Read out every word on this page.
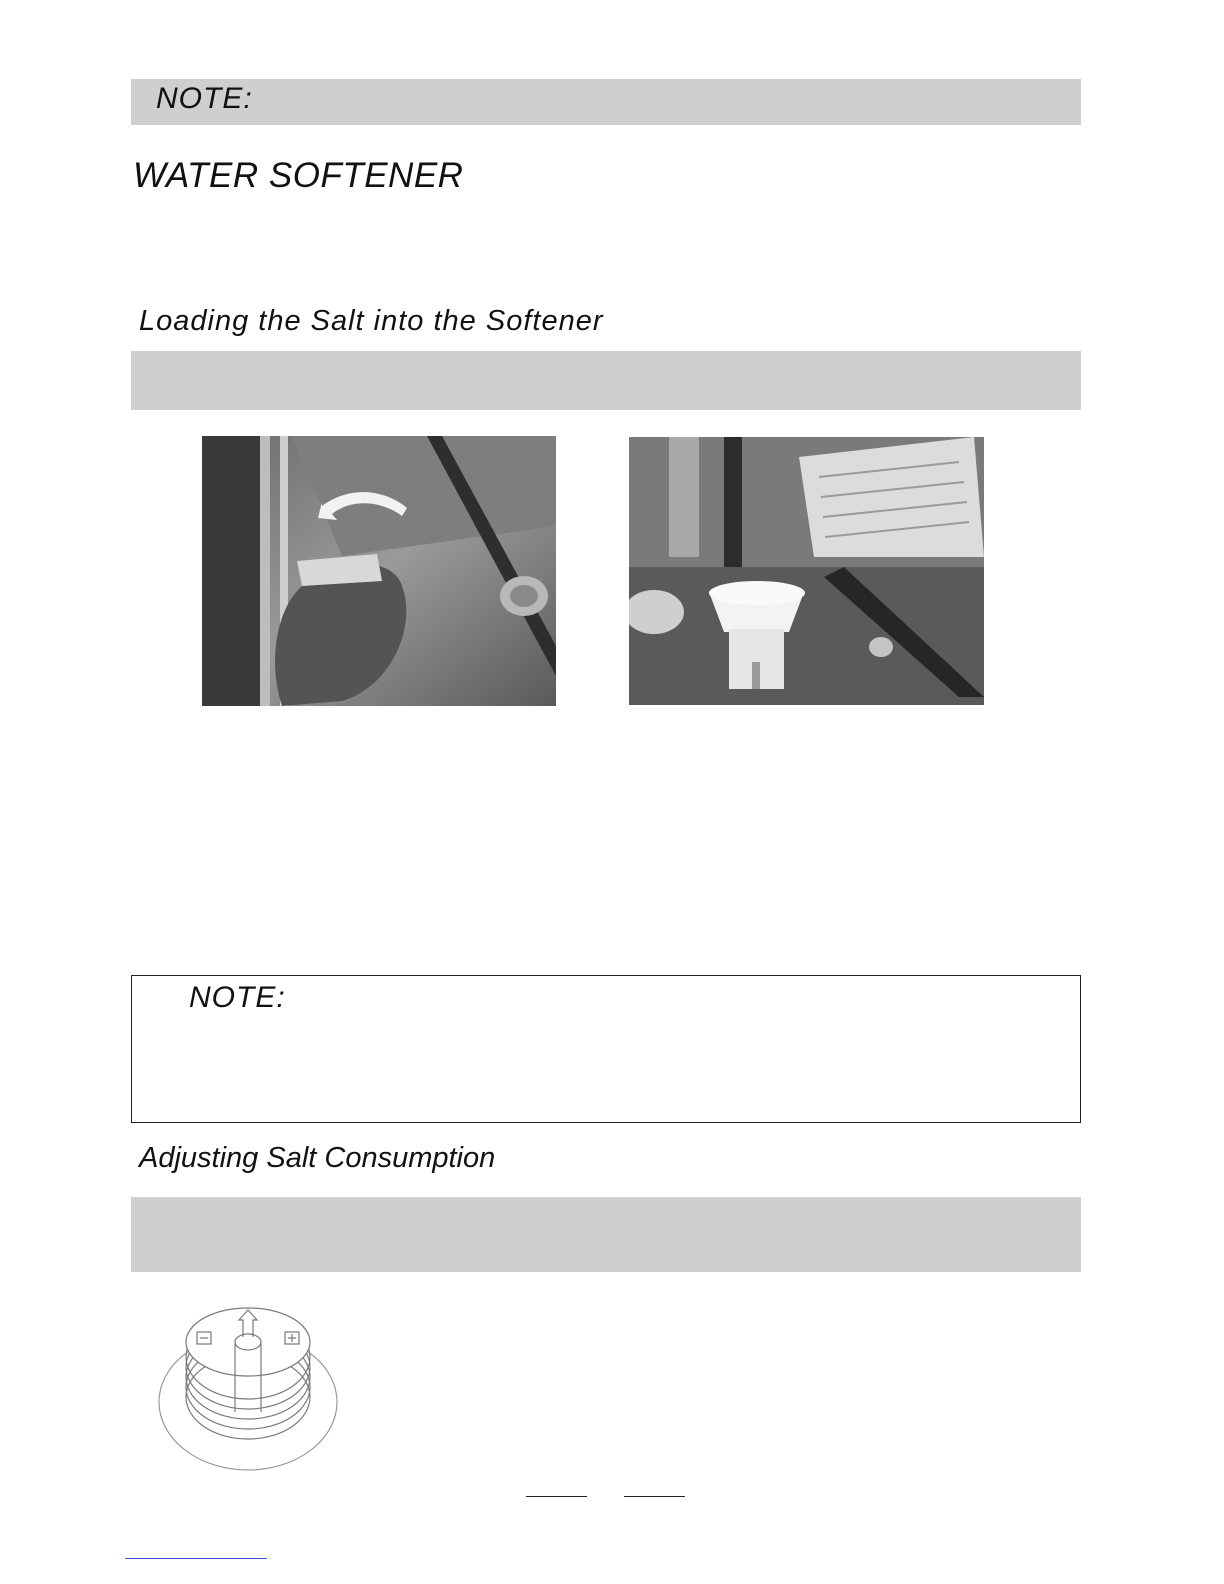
NOTE:
WATER SOFTENER
Loading the Salt into the Softener
NOTE:
Adjusting Salt Consumption
